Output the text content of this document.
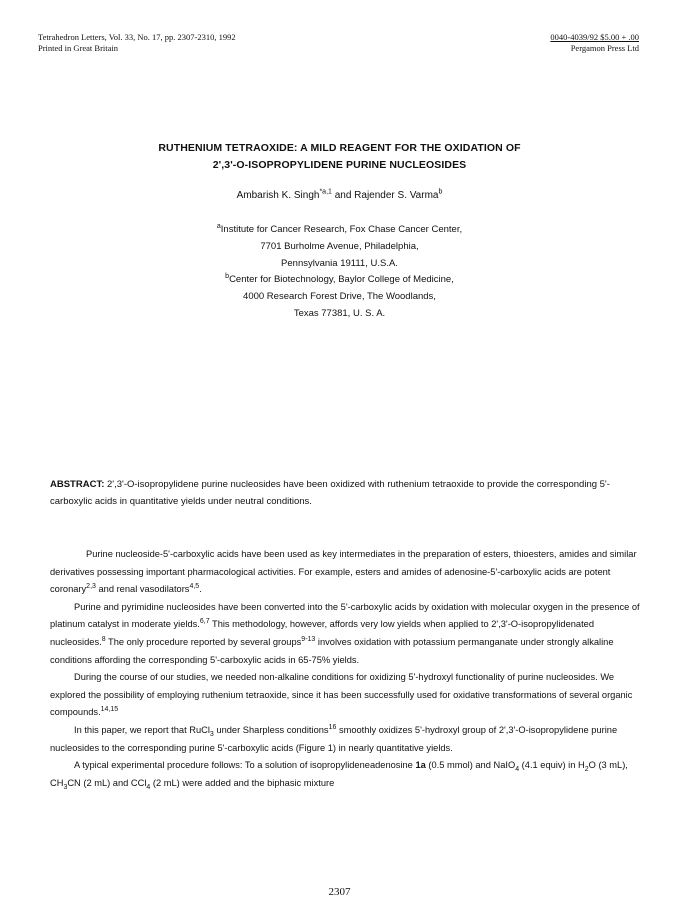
Tetrahedron Letters, Vol. 33, No. 17, pp. 2307-2310, 1992
Printed in Great Britain
0040-4039/92 $5.00 + .00
Pergamon Press Ltd
RUTHENIUM TETRAOXIDE: A MILD REAGENT FOR THE OXIDATION OF
2',3'-O-ISOPROPYLIDENE PURINE NUCLEOSIDES
Ambarish K. Singh$^{*a,1}$ and Rajender S. Varma$^b$
$^a$Institute for Cancer Research, Fox Chase Cancer Center,
7701 Burholme Avenue, Philadelphia,
Pennsylvania 19111, U.S.A.
$^b$Center for Biotechnology, Baylor College of Medicine,
4000 Research Forest Drive, The Woodlands,
Texas 77381, U. S. A.
ABSTRACT: 2',3'-O-isopropylidene purine nucleosides have been oxidized with ruthenium tetraoxide to provide the corresponding 5'-carboxylic acids in quantitative yields under neutral conditions.

Purine nucleoside-5'-carboxylic acids have been used as key intermediates in the preparation of esters, thioesters, amides and similar derivatives possessing important pharmacological activities. For example, esters and amides of adenosine-5'-carboxylic acids are potent coronary$^{2,3}$ and renal vasodilators$^{4,5}$.

Purine and pyrimidine nucleosides have been converted into the 5'-carboxylic acids by oxidation with molecular oxygen in the presence of platinum catalyst in moderate yields.$^{6,7}$ This methodology, however, affords very low yields when applied to 2',3'-O-isopropylidenated nucleosides.$^8$ The only procedure reported by several groups$^{9-13}$ involves oxidation with potassium permanganate under strongly alkaline conditions affording the corresponding 5'-carboxylic acids in 65-75% yields.

During the course of our studies, we needed non-alkaline conditions for oxidizing 5'-hydroxyl functionality of purine nucleosides. We explored the possibility of employing ruthenium tetraoxide, since it has been successfully used for oxidative transformations of several organic compounds.$^{14,15}$

In this paper, we report that RuCl$_3$ under Sharpless conditions$^{16}$ smoothly oxidizes 5'-hydroxyl group of 2',3'-O-isopropylidene purine nucleosides to the corresponding purine 5'-carboxylic acids (Figure 1) in nearly quantitative yields.

A typical experimental procedure follows: To a solution of isopropylideneadenosine 1a (0.5 mmol) and NaIO$_4$ (4.1 equiv) in $H_2O$ (3 mL), $CH_3CN$ (2 mL) and CCl$_4$ (2 mL) were added and the biphasic mixture

2307
